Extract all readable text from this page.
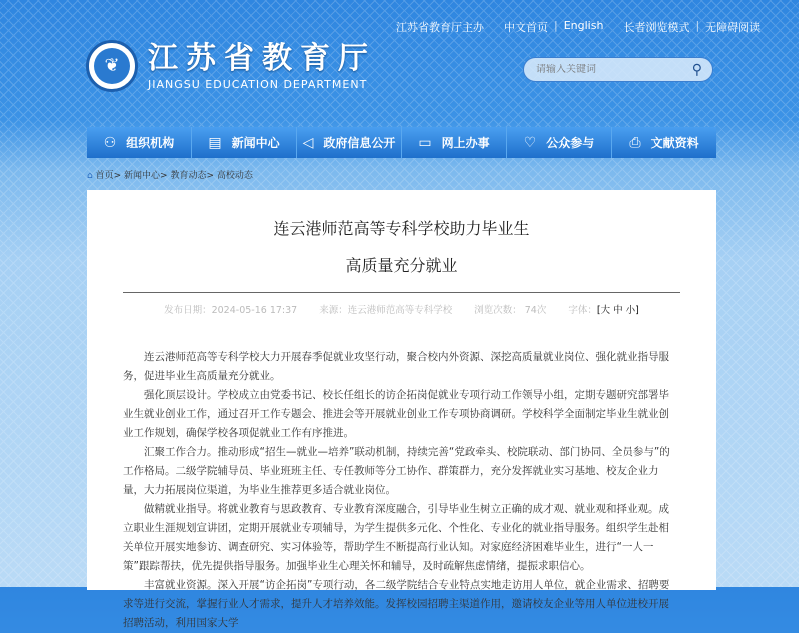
江苏省教育厅主办 中文首页 | English 长者浏览模式 | 无障碍阅读
❦ 江苏省教育厅
JIANGSU EDUCATION DEPARTMENT
请输入关键词
⚲
⚇ 组织机构 ▤ 新闻中心 ◁ 政府信息公开 ▭ 网上办事 ♡ 公众参与	⎙ 文献资料
⌂ 首页> 新闻中心> 教育动态> 高校动态
连云港师范高等专科学校助力毕业生
高质量充分就业
发布日期：2024-05-16 17:37 来源：连云港师范高等专科学校 浏览次数： 74次 字体：[大 中 小]

连云港师范高等专科学校大力开展春季促就业攻坚行动，聚合校内外资源、深挖高质量就业岗位、强化就业指导服务，促进毕业生高质量充分就业。

强化顶层设计。学校成立由党委书记、校长任组长的访企拓岗促就业专项行动工作领导小组，定期专题研究部署毕业生就业创业工作，通过召开工作专题会、推进会等开展就业创业工作专项协商调研。学校科学全面制定毕业生就业创业工作规划，确保学校各项促就业工作有序推进。

汇聚工作合力。推动形成“招生—就业—培养”联动机制，持续完善“党政牵头、校院联动、部门协同、全员参与”的工作格局。二级学院辅导员、毕业班班主任、专任教师等分工协作、群策群力，充分发挥就业实习基地、校友企业力量，大力拓展岗位渠道，为毕业生推荐更多适合就业岗位。

做精就业指导。将就业教育与思政教育、专业教育深度融合，引导毕业生树立正确的成才观、就业观和择业观。成立职业生涯规划宣讲团，定期开展就业专项辅导，为学生提供多元化、个性化、专业化的就业指导服务。组织学生赴相关单位开展实地参访、调查研究、实习体验等，帮助学生不断提高行业认知。对家庭经济困难毕业生，进行“一人一策”跟踪帮扶，优先提供指导服务。加强毕业生心理关怀和辅导，及时疏解焦虑情绪，提振求职信心。

丰富就业资源。深入开展“访企拓岗”专项行动，各二级学院结合专业特点实地走访用人单位，就企业需求、招聘要求等进行交流，掌握行业人才需求，提升人才培养效能。发挥校园招聘主渠道作用，邀请校友企业等用人单位进校开展招聘活动，利用国家大学
